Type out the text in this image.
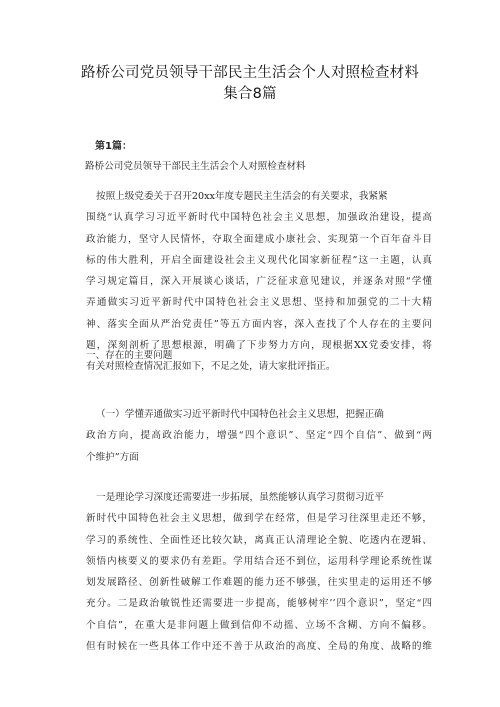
路桥公司党员领导干部民主生活会个人对照检查材料
集合8篇
第1篇：
路桥公司党员领导干部民主生活会个人对照检查材料
按照上级党委关于召开20xx年度专题民主生活会的有关要求，我紧紧
围绕“认真学习习近平新时代中国特色社会主义思想，加强政治建设，提高
政治能力，坚守人民情怀，夺取全面建成小康社会、实现第一个百年奋斗目
标的伟大胜利，开启全面建设社会主义现代化国家新征程”这一主题，认真
学习规定篇目，深入开展谈心谈话，广泛征求意见建议，并逐条对照“学懂
弄通做实习近平新时代中国特色社会主义思想、坚持和加强党的二十大精
神、落实全面从严治党责任”等五方面内容，深入查找了个人存在的主要问
题，深刻剖析了思想根源，明确了下步努力方向，现根据XX党委安排，将
有关对照检查情况汇报如下，不足之处，请大家批评指正。
一、存在的主要问题
（一）学懂弄通做实习近平新时代中国特色社会主义思想，把握正确
政治方向，提高政治能力，增强“四个意识”、坚定“四个自信”、做到“两
个维护”方面
一是理论学习深度还需要进一步拓展，虽然能够认真学习贯彻习近平
新时代中国特色社会主义思想，做到学在经常，但是学习往深里走还不够，
学习的系统性、全面性还比较欠缺，离真正认清理论全貌、吃透内在逻辑、
领悟内核要义的要求仍有差距。学用结合还不到位，运用科学理论系统性谋
划发展路径、创新性破解工作难题的能力还不够强，往实里走的运用还不够
充分。二是政治敏锐性还需要进一步提高，能够树牢’’四个意识”，坚定“四
个自信”，在重大是非问题上做到信仰不动摇、立场不含糊、方向不偏移。
但有时候在一些具体工作中还不善于从政治的高度、全局的角度、战略的维
